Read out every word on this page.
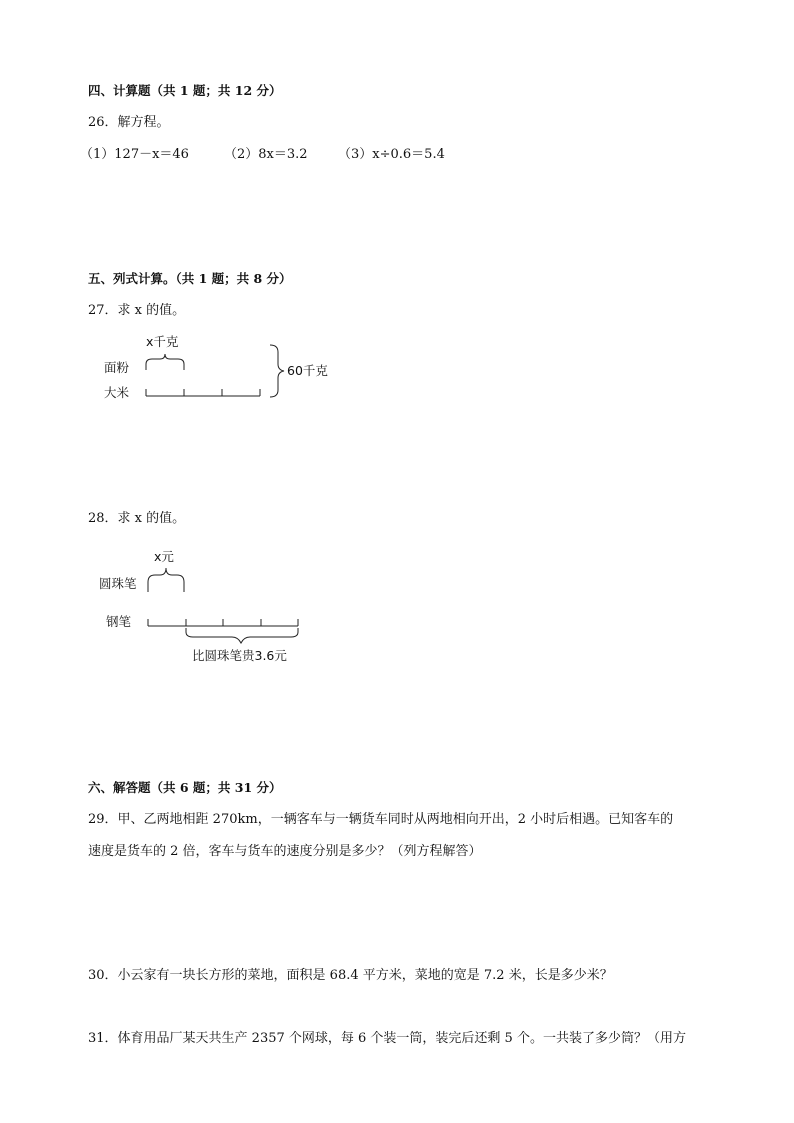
四、计算题（共 1 题；共 12 分）
26．解方程。
（1）127－x＝46	（2）8x＝3.2 （3）x÷0.6＝5.4
五、列式计算。（共 1 题；共 8 分）
27．求 x 的值。
x千克
面粉
大米
60千克
28．求 x 的值。
x元
圆珠笔
钢笔
比圆珠笔贵3.6元
六、解答题（共 6 题；共 31 分）
29．甲、乙两地相距 270km，一辆客车与一辆货车同时从两地相向开出，2 小时后相遇。已知客车的
速度是货车的 2 倍，客车与货车的速度分别是多少？（列方程解答）
30．小云家有一块长方形的菜地，面积是 68.4 平方米，菜地的宽是 7.2 米，长是多少米？
31．体育用品厂某天共生产 2357 个网球，每 6 个装一筒，装完后还剩 5 个。一共装了多少筒？（用方
